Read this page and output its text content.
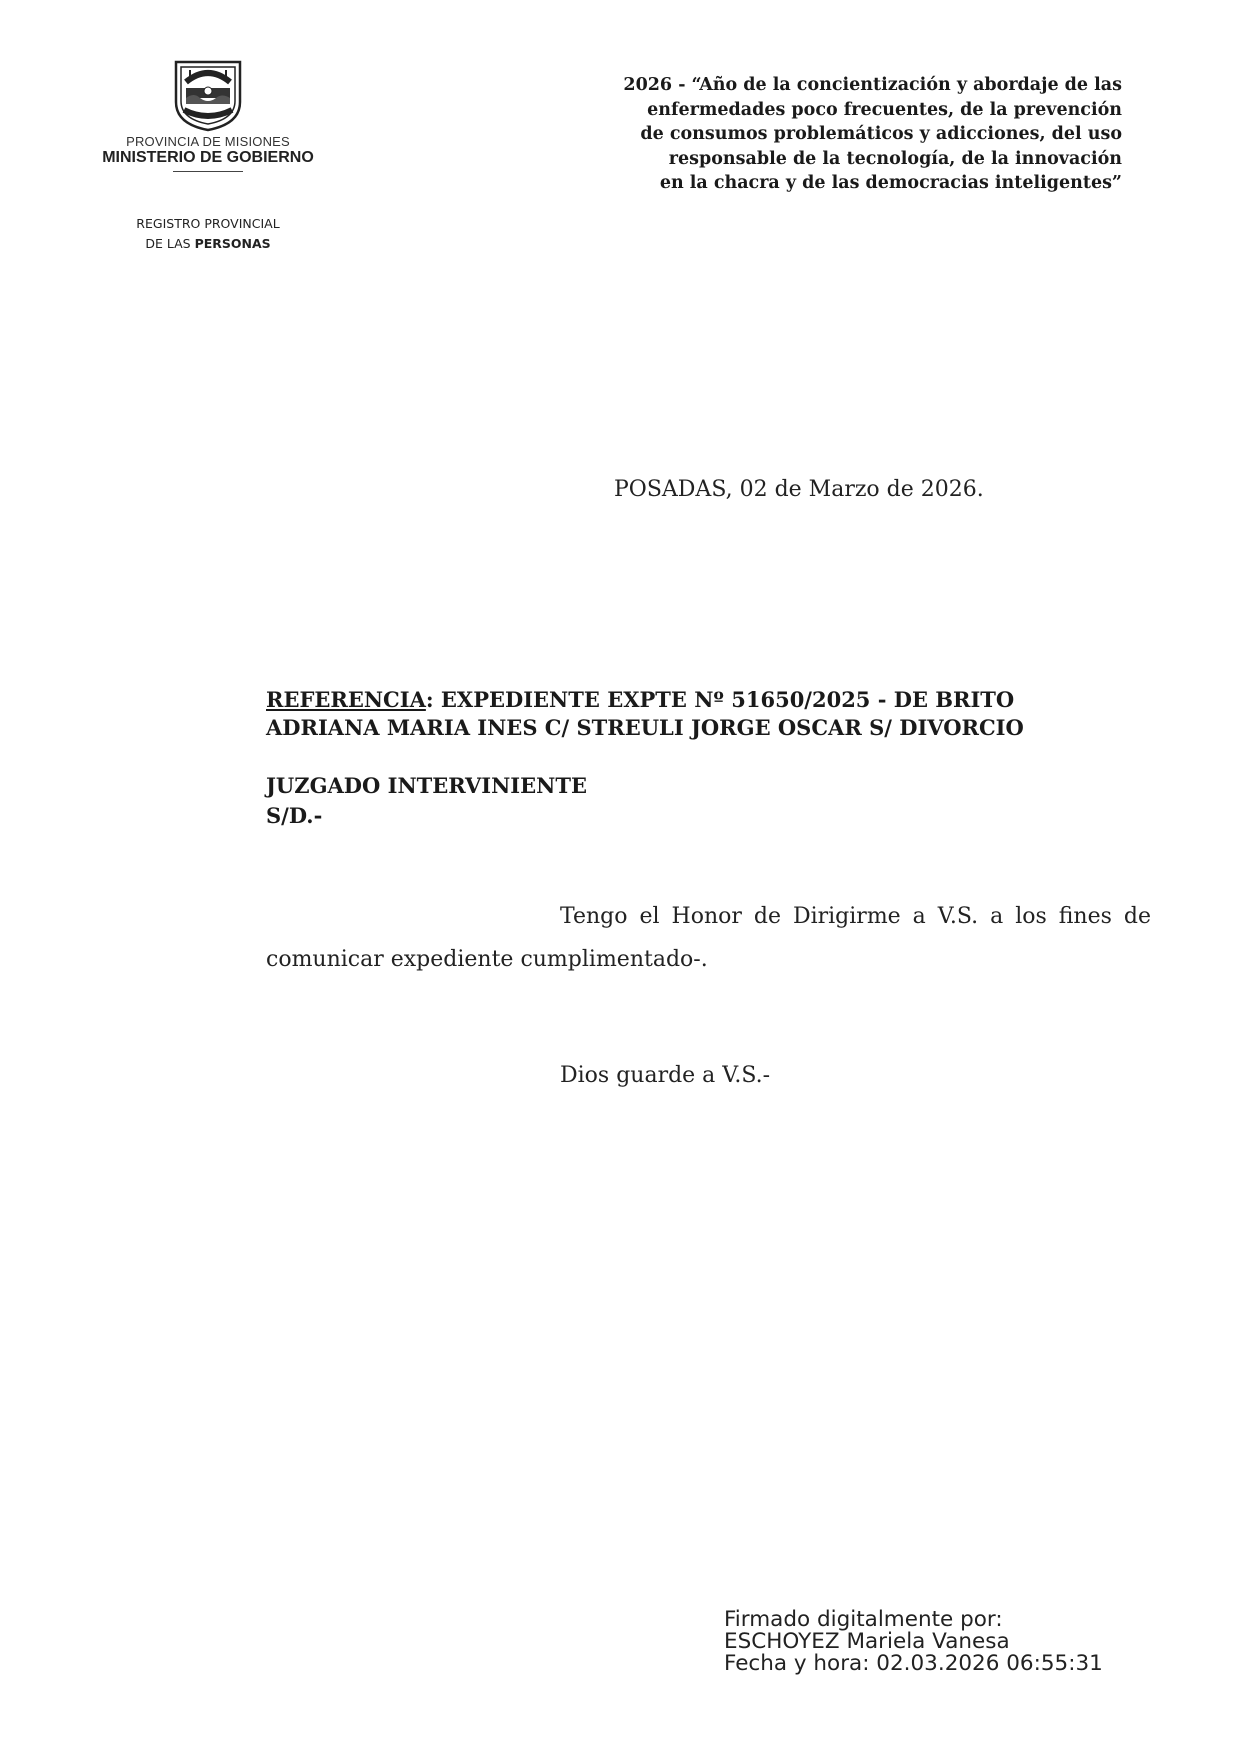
PROVINCIA DE MISIONES
MINISTERIO DE GOBIERNO
REGISTRO PROVINCIAL
DE LAS PERSONAS
2026 - “Año de la concientización y abordaje de las
enfermedades poco frecuentes, de la prevención
de consumos problemáticos y adicciones, del uso
responsable de la tecnología, de la innovación
en la chacra y de las democracias inteligentes”
POSADAS, 02 de Marzo de 2026.
REFERENCIA: EXPEDIENTE EXPTE Nº 51650/2025 - DE BRITO
ADRIANA MARIA INES C/ STREULI JORGE OSCAR S/ DIVORCIO
JUZGADO INTERVINIENTE
S/D.-
Tengo el Honor de Dirigirme a V.S. a los fines de comunicar expediente cumplimentado-.
Dios guarde a V.S.-
Firmado digitalmente por:
ESCHOYEZ Mariela Vanesa
Fecha y hora: 02.03.2026 06:55:31
